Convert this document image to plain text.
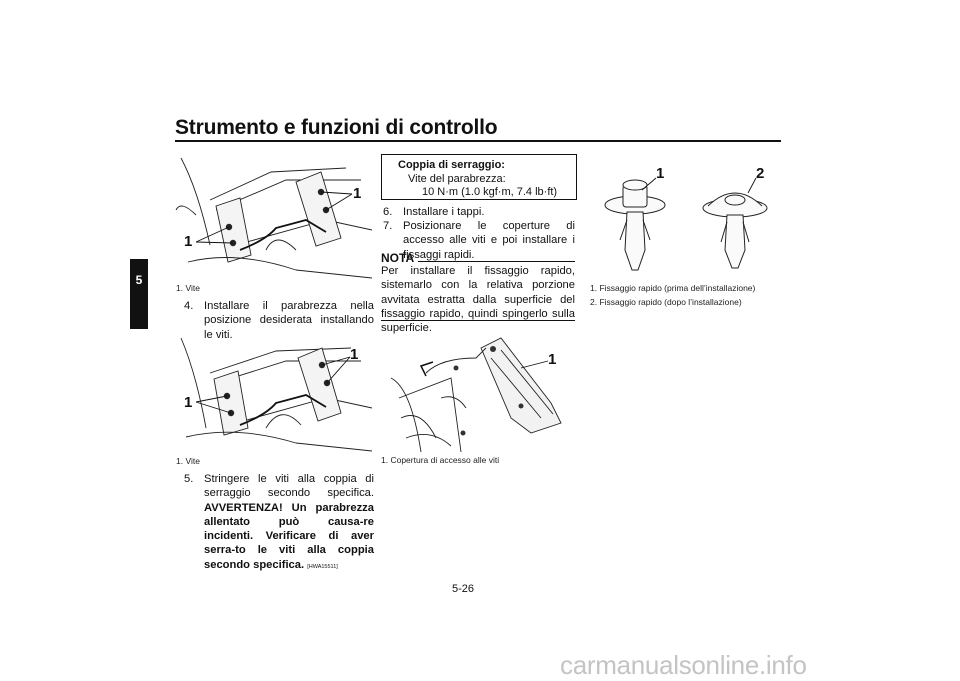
Strumento e funzioni di controllo
5
1
1
1. Vite
4. Installare il parabrezza nella posizione desiderata installando le viti.
1
1
1. Vite
5. Stringere le viti alla coppia di serraggio secondo specifica. AVVERTENZA! Un parabrezza allentato può causa-re incidenti. Verificare di aver serra-to le viti alla coppia secondo specifica. [HWA15511]
Coppia di serraggio:
Vite del parabrezza:
10 N·m (1.0 kgf·m, 7.4 lb·ft)
6. Installare i tappi.
7. Posizionare le coperture di accesso alle viti e poi installare i fissaggi rapidi.
NOTA
Per installare il fissaggio rapido, sistemarlo con la relativa porzione avvitata estratta dalla superficie del fissaggio rapido, quindi spingerlo sulla superficie.
1
1. Copertura di accesso alle viti
1	2
1. Fissaggio rapido (prima dell’installazione)
2. Fissaggio rapido (dopo l’installazione)
5-26
carmanualsonline.info
